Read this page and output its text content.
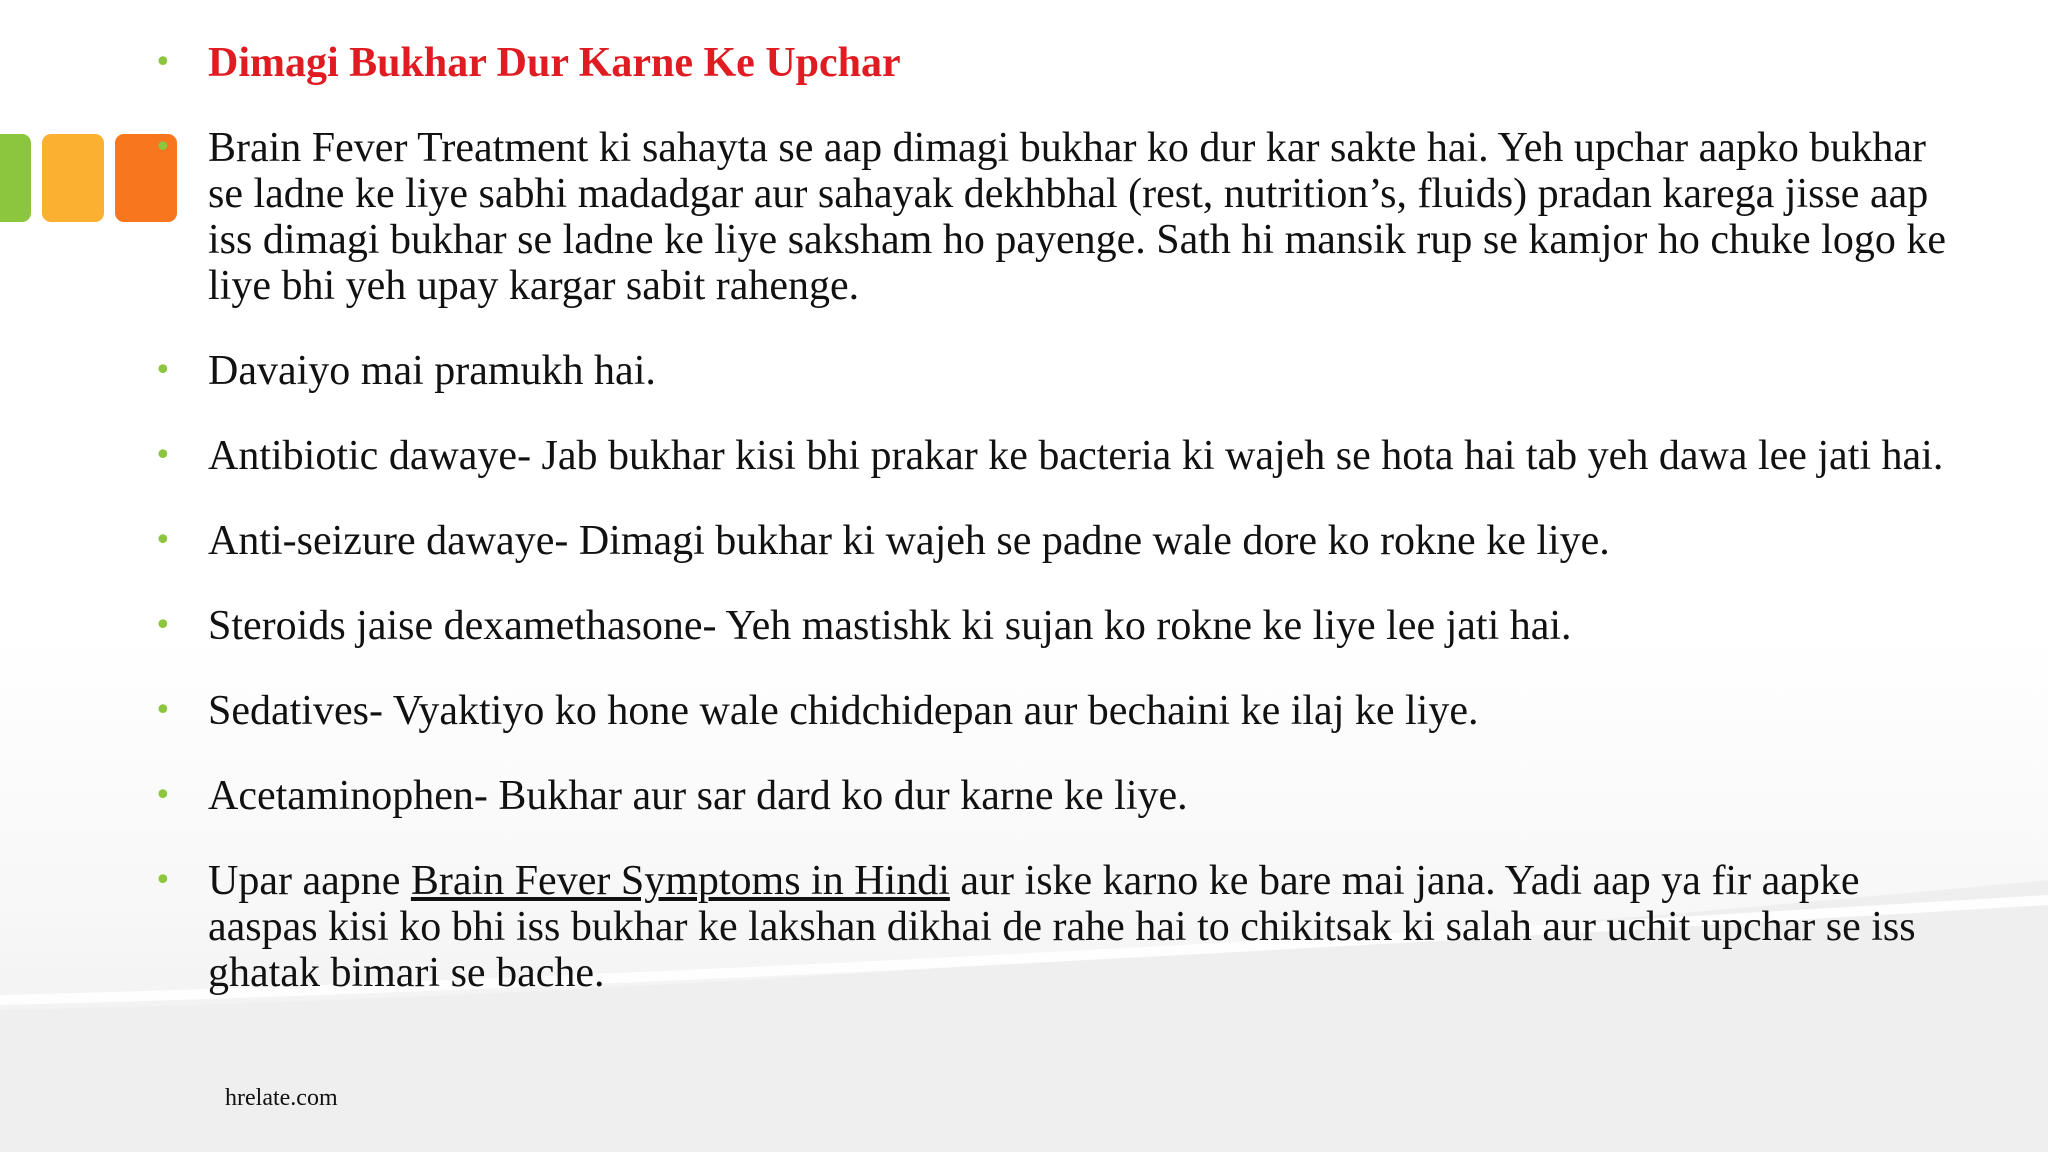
• Dimagi Bukhar Dur Karne Ke Upchar
• Brain Fever Treatment ki sahayta se aap dimagi bukhar ko dur kar sakte hai. Yeh upchar aapko bukhar se ladne ke liye sabhi madadgar aur sahayak dekhbhal (rest, nutrition’s, fluids) pradan karega jisse aap iss dimagi bukhar se ladne ke liye saksham ho payenge. Sath hi mansik rup se kamjor ho chuke logo ke liye bhi yeh upay kargar sabit rahenge.
• Davaiyo mai pramukh hai.
• Antibiotic dawaye- Jab bukhar kisi bhi prakar ke bacteria ki wajeh se hota hai tab yeh dawa lee jati hai.
• Anti-seizure dawaye- Dimagi bukhar ki wajeh se padne wale dore ko rokne ke liye.
• Steroids jaise dexamethasone- Yeh mastishk ki sujan ko rokne ke liye lee jati hai.
• Sedatives- Vyaktiyo ko hone wale chidchidepan aur bechaini ke ilaj ke liye.
• Acetaminophen- Bukhar aur sar dard ko dur karne ke liye.
• Upar aapne Brain Fever Symptoms in Hindi aur iske karno ke bare mai jana. Yadi aap ya fir aapke aaspas kisi ko bhi iss bukhar ke lakshan dikhai de rahe hai to chikitsak ki salah aur uchit upchar se iss ghatak bimari se bache.
hrelate.com
